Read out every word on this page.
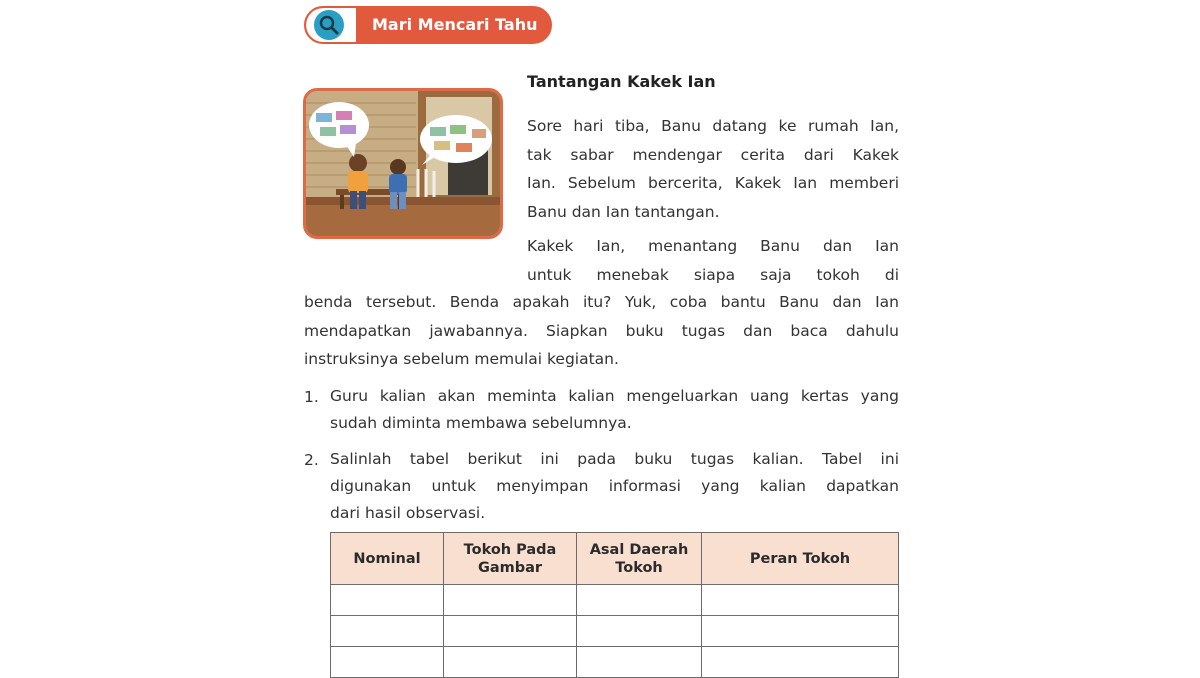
Mari Mencari Tahu
Tantangan Kakek Ian

Sore hari tiba, Banu datang ke rumah Ian,
tak sabar mendengar cerita dari Kakek
Ian. Sebelum bercerita, Kakek Ian memberi
Banu dan Ian tantangan.

Kakek Ian, menantang Banu dan Ian
untuk menebak siapa saja tokoh di

benda tersebut. Benda apakah itu? Yuk, coba bantu Banu dan Ian
mendapatkan jawabannya. Siapkan buku tugas dan baca dahulu
instruksinya sebelum memulai kegiatan.

1. Guru kalian akan meminta kalian mengeluarkan uang kertas yang
sudah diminta membawa sebelumnya.

2. Salinlah tabel berikut ini pada buku tugas kalian. Tabel ini
digunakan untuk menyimpan informasi yang kalian dapatkan
dari hasil observasi.

Nominal	Tokoh Pada Gambar	Asal Daerah Tokoh	Peran Tokoh
